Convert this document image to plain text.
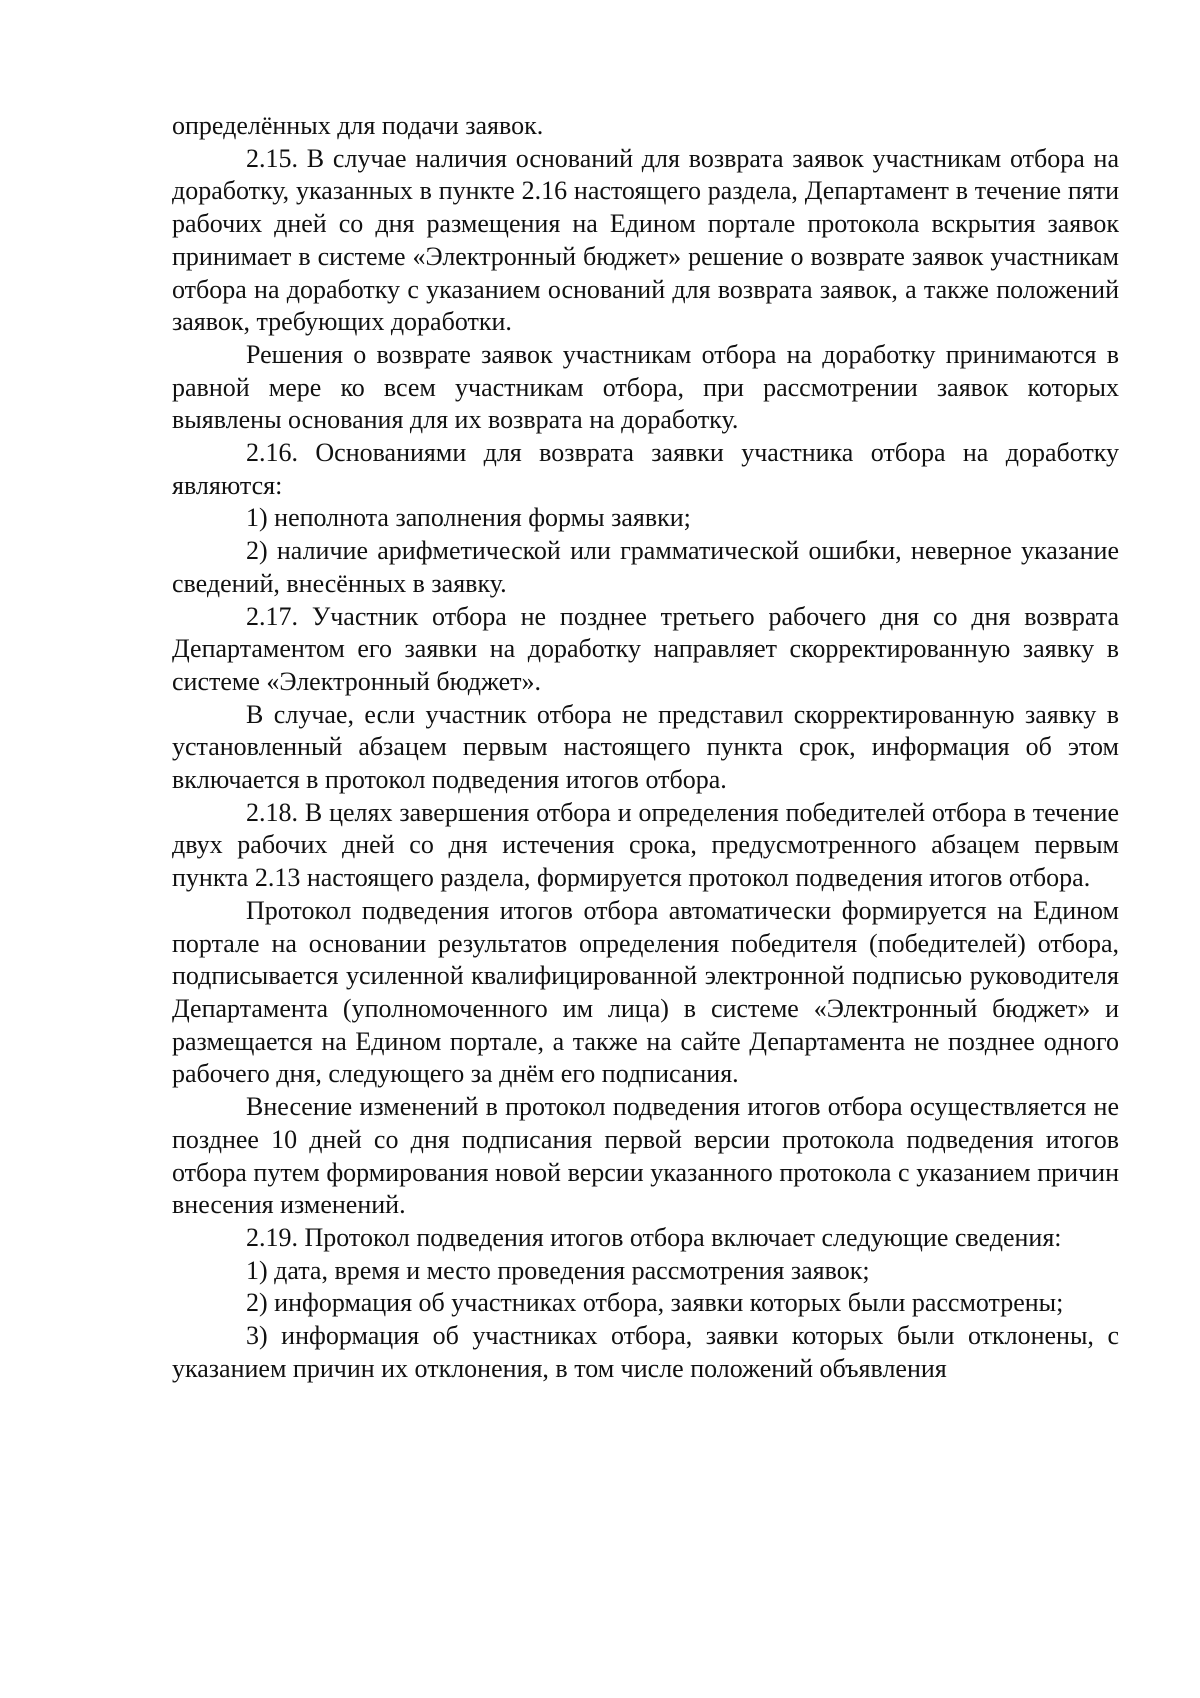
определённых для подачи заявок.

2.15. В случае наличия оснований для возврата заявок участникам отбора на доработку, указанных в пункте 2.16 настоящего раздела, Департамент в течение пяти рабочих дней со дня размещения на Едином портале протокола вскрытия заявок принимает в системе «Электронный бюджет» решение о возврате заявок участникам отбора на доработку с указанием оснований для возврата заявок, а также положений заявок, требующих доработки.

Решения о возврате заявок участникам отбора на доработку принимаются в равной мере ко всем участникам отбора, при рассмотрении заявок которых выявлены основания для их возврата на доработку.

2.16. Основаниями для возврата заявки участника отбора на доработку являются:

1) неполнота заполнения формы заявки;

2) наличие арифметической или грамматической ошибки, неверное указание сведений, внесённых в заявку.

2.17. Участник отбора не позднее третьего рабочего дня со дня возврата Департаментом его заявки на доработку направляет скорректированную заявку в системе «Электронный бюджет».

В случае, если участник отбора не представил скорректированную заявку в установленный абзацем первым настоящего пункта срок, информация об этом включается в протокол подведения итогов отбора.

2.18. В целях завершения отбора и определения победителей отбора в течение двух рабочих дней со дня истечения срока, предусмотренного абзацем первым пункта 2.13 настоящего раздела, формируется протокол подведения итогов отбора.

Протокол подведения итогов отбора автоматически формируется на Едином портале на основании результатов определения победителя (победителей) отбора, подписывается усиленной квалифицированной электронной подписью руководителя Департамента (уполномоченного им лица) в системе «Электронный бюджет» и размещается на Едином портале, а также на сайте Департамента не позднее одного рабочего дня, следующего за днём его подписания.

Внесение изменений в протокол подведения итогов отбора осуществляется не позднее 10 дней со дня подписания первой версии протокола подведения итогов отбора путем формирования новой версии указанного протокола с указанием причин внесения изменений.

2.19. Протокол подведения итогов отбора включает следующие сведения:

1) дата, время и место проведения рассмотрения заявок;

2) информация об участниках отбора, заявки которых были рассмотрены;

3) информация об участниках отбора, заявки которых были отклонены, с указанием причин их отклонения, в том числе положений объявления
